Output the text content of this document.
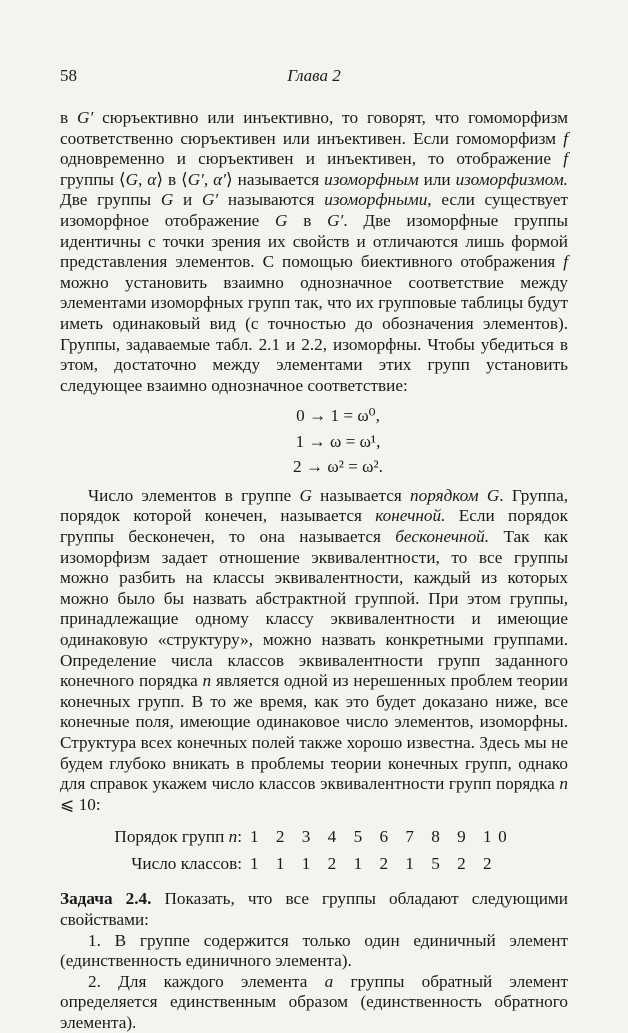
58	Глава 2

в G′ сюръективно или инъективно, то говорят, что гомоморфизм соответственно сюръективен или инъективен. Если гомоморфизм f одновременно и сюръективен и инъективен, то отображение f группы ⟨G, α⟩ в ⟨G′, α′⟩ называется изоморфным или изоморфизмом. Две группы G и G′ называются изоморфными, если существует изоморфное отображение G в G′. Две изоморфные группы идентичны с точки зрения их свойств и отличаются лишь формой представления элементов. С помощью биективного отображения f можно установить взаимно однозначное соответствие между элементами изоморфных групп так, что их групповые таблицы будут иметь одинаковый вид (с точностью до обозначения элементов). Группы, задаваемые табл. 2.1 и 2.2, изоморфны. Чтобы убедиться в этом, достаточно между элементами этих групп установить следующее взаимно однозначное соответствие:

0 → 1 = ω⁰,
1 → ω = ω¹,
2 → ω² = ω².

Число элементов в группе G называется порядком G. Группа, порядок которой конечен, называется конечной. Если порядок группы бесконечен, то она называется бесконечной. Так как изоморфизм задает отношение эквивалентности, то все группы можно разбить на классы эквивалентности, каждый из которых можно было бы назвать абстрактной группой. При этом группы, принадлежащие одному классу эквивалентности и имеющие одинаковую «структуру», можно назвать конкретными группами. Определение числа классов эквивалентности групп заданного конечного порядка n является одной из нерешенных проблем теории конечных групп. В то же время, как это будет доказано ниже, все конечные поля, имеющие одинаковое число элементов, изоморфны. Структура всех конечных полей также хорошо известна. Здесь мы не будем глубоко вникать в проблемы теории конечных групп, однако для справок укажем число классов эквивалентности групп порядка n ⩽ 10:

Порядок групп n: 1 2 3 4 5 6 7 8 9 10
Число классов: 1 1 1 2 1 2 1 5 2 2

Задача 2.4. Показать, что все группы обладают следующими свойствами:

1. В группе содержится только один единичный элемент (единственность единичного элемента).

2. Для каждого элемента a группы обратный элемент определяется единственным образом (единственность обратного элемента).
